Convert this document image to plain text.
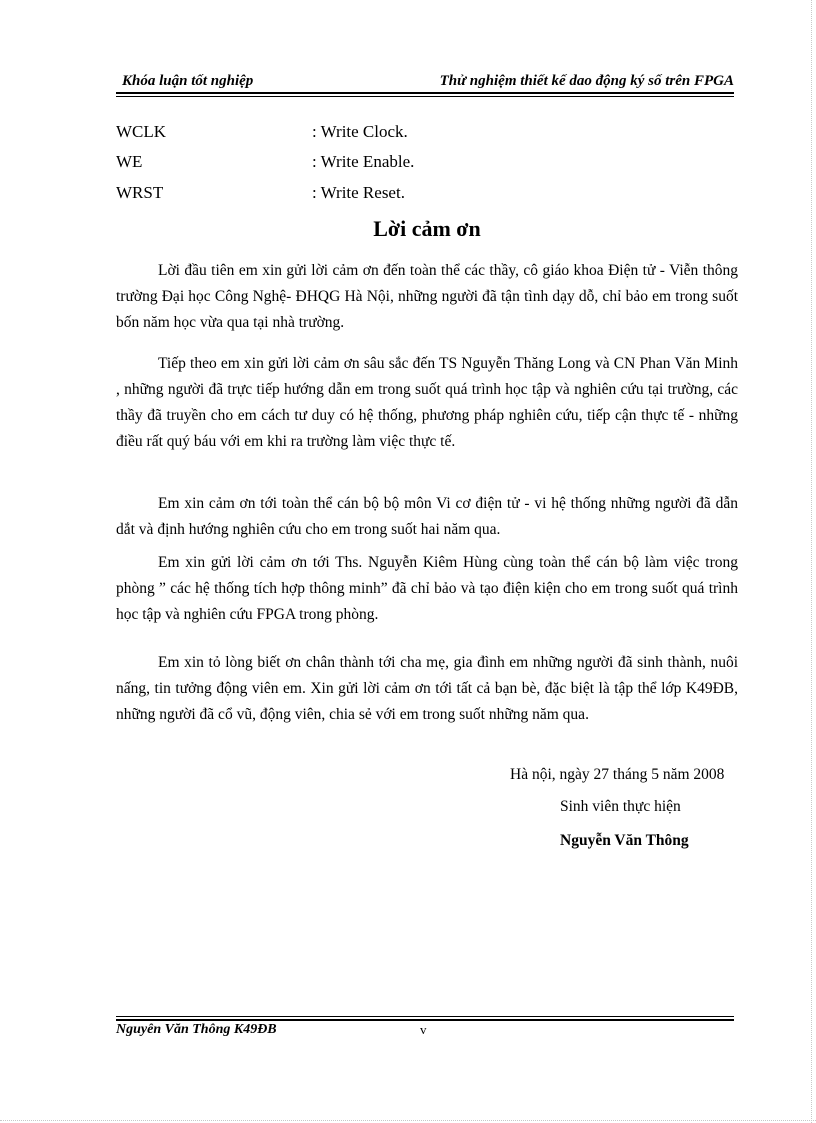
Khóa luận tốt nghiệp	Thử nghiệm thiết kế dao động ký số trên FPGA
WCLK	: Write Clock.
WE	: Write Enable.
WRST	: Write Reset.
Lời cảm ơn

Lời đầu tiên em xin gửi lời cảm ơn đến toàn thể các thầy, cô giáo khoa Điện tử - Viễn thông trường Đại học Công Nghệ- ĐHQG Hà Nội, những người đã tận tình dạy dỗ, chỉ bảo em trong suốt bốn năm học vừa qua tại nhà trường.

Tiếp theo em xin gửi lời cảm ơn sâu sắc đến TS Nguyễn Thăng Long và CN Phan Văn Minh , những người đã trực tiếp hướng dẫn em trong suốt quá trình học tập và nghiên cứu tại trường, các thầy đã truyền cho em cách tư duy có hệ thống, phương pháp nghiên cứu, tiếp cận thực tế - những điều rất quý báu với em khi ra trường làm việc thực tế.

Em xin cảm ơn tới toàn thể cán bộ bộ môn Vi cơ điện tử - vi hệ thống những người đã dẫn dắt và định hướng nghiên cứu cho em trong suốt hai năm qua.

Em xin gửi lời cảm ơn tới Ths. Nguyễn Kiêm Hùng cùng toàn thể cán bộ làm việc trong phòng ” các hệ thống tích hợp thông minh” đã chỉ bảo và tạo điện kiện cho em trong suốt quá trình học tập và nghiên cứu FPGA trong phòng.

Em xin tỏ lòng biết ơn chân thành tới cha mẹ, gia đình em những người đã sinh thành, nuôi nấng, tin tưởng động viên em. Xin gửi lời cảm ơn tới tất cả bạn bè, đặc biệt là tập thể lớp K49ĐB, những người đã cổ vũ, động viên, chia sẻ với em trong suốt những năm qua.

Hà nội, ngày 27 tháng 5 năm 2008
Sinh viên thực hiện
Nguyễn Văn Thông
Nguyên Văn Thông K49ĐB	v
